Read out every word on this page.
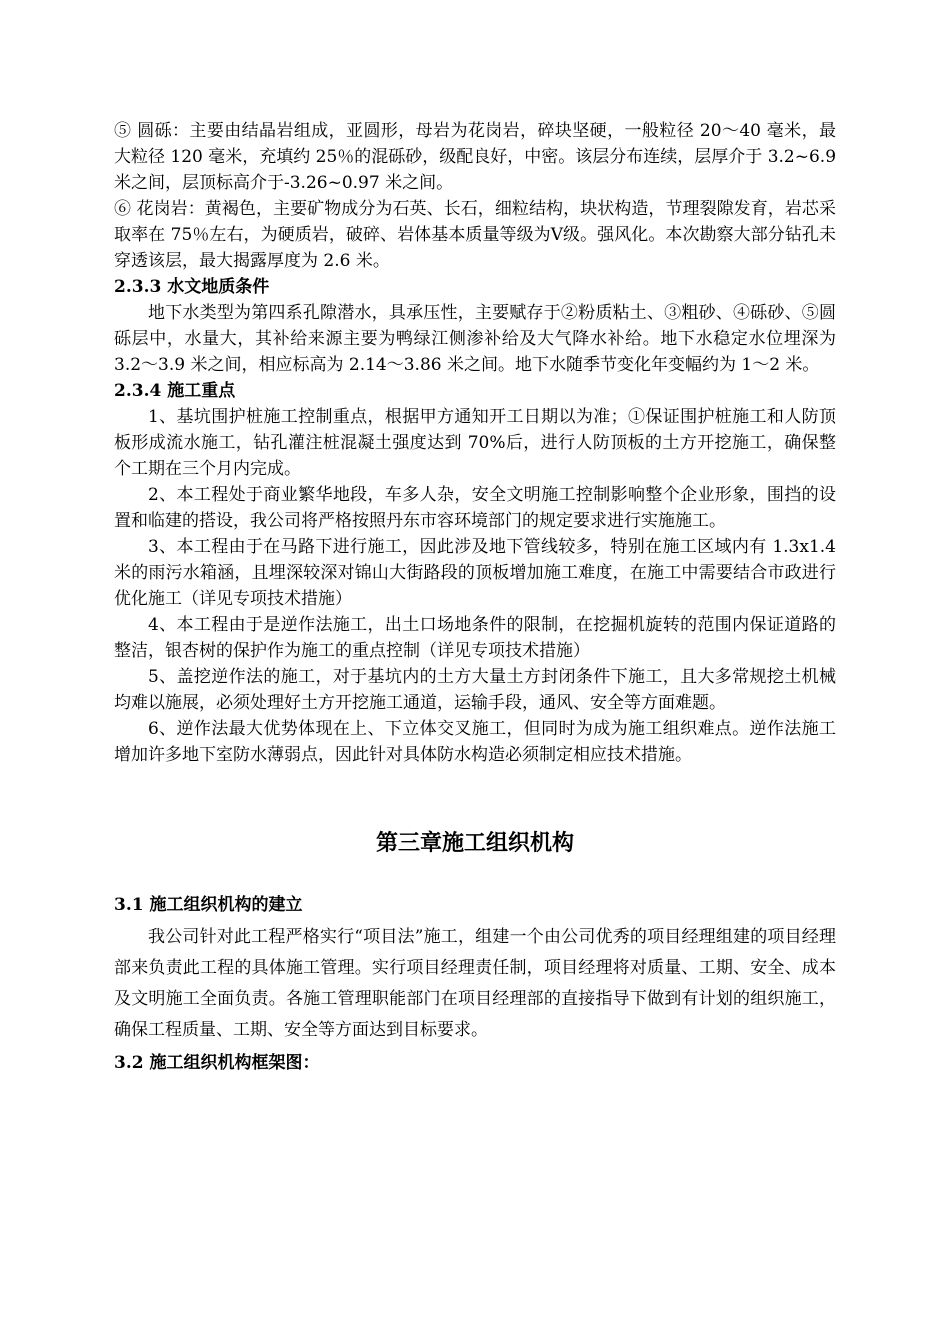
⑤ 圆砾：主要由结晶岩组成，亚圆形，母岩为花岗岩，碎块坚硬，一般粒径 20～40 毫米，最大粒径 120 毫米，充填约 25％的混砾砂，级配良好，中密。该层分布连续，层厚介于 3.2~6.9 米之间，层顶标高介于-3.26~0.97 米之间。

⑥ 花岗岩：黄褐色，主要矿物成分为石英、长石，细粒结构，块状构造，节理裂隙发育，岩芯采取率在 75％左右，为硬质岩，破碎、岩体基本质量等级为Ⅴ级。强风化。本次勘察大部分钻孔未穿透该层，最大揭露厚度为 2.6 米。

2.3.3 水文地质条件

地下水类型为第四系孔隙潜水，具承压性，主要赋存于②粉质粘土、③粗砂、④砾砂、⑤圆砾层中，水量大，其补给来源主要为鸭绿江侧渗补给及大气降水补给。地下水稳定水位埋深为 3.2～3.9 米之间，相应标高为 2.14～3.86 米之间。地下水随季节变化年变幅约为 1～2 米。

2.3.4 施工重点

1、基坑围护桩施工控制重点，根据甲方通知开工日期以为准；①保证围护桩施工和人防顶板形成流水施工，钻孔灌注桩混凝土强度达到 70%后，进行人防顶板的土方开挖施工，确保整个工期在三个月内完成。

2、本工程处于商业繁华地段，车多人杂，安全文明施工控制影响整个企业形象，围挡的设置和临建的搭设，我公司将严格按照丹东市容环境部门的规定要求进行实施施工。

3、本工程由于在马路下进行施工，因此涉及地下管线较多，特别在施工区域内有 1.3x1.4 米的雨污水箱涵，且埋深较深对锦山大街路段的顶板增加施工难度，在施工中需要结合市政进行优化施工（详见专项技术措施）

4、本工程由于是逆作法施工，出土口场地条件的限制，在挖掘机旋转的范围内保证道路的整洁，银杏树的保护作为施工的重点控制（详见专项技术措施）

5、盖挖逆作法的施工，对于基坑内的土方大量土方封闭条件下施工，且大多常规挖土机械均难以施展，必须处理好土方开挖施工通道，运输手段，通风、安全等方面难题。

6、逆作法最大优势体现在上、下立体交叉施工，但同时为成为施工组织难点。逆作法施工增加许多地下室防水薄弱点，因此针对具体防水构造必须制定相应技术措施。

第三章施工组织机构

3.1 施工组织机构的建立

我公司针对此工程严格实行“项目法”施工，组建一个由公司优秀的项目经理组建的项目经理部来负责此工程的具体施工管理。实行项目经理责任制，项目经理将对质量、工期、安全、成本及文明施工全面负责。各施工管理职能部门在项目经理部的直接指导下做到有计划的组织施工，确保工程质量、工期、安全等方面达到目标要求。

3.2 施工组织机构框架图：
